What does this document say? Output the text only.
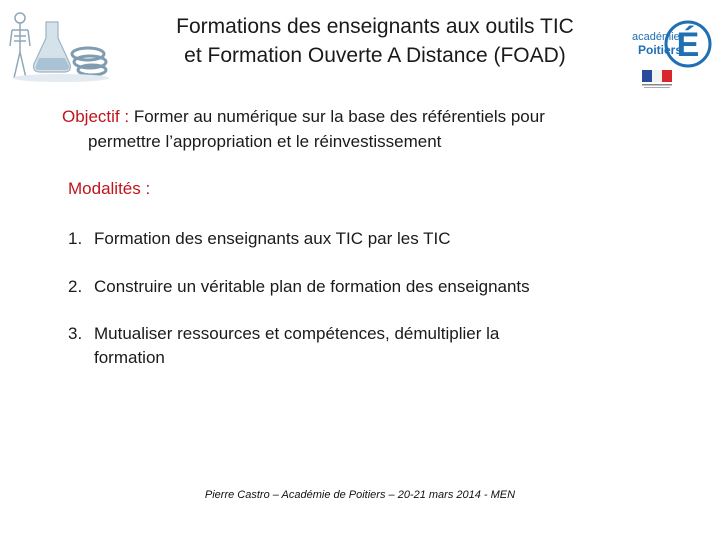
Formations des enseignants aux outils TIC
et Formation Ouverte A Distance (FOAD)	É
académie
Poitiers
Objectif : Former au numérique sur la base des référentiels pour
permettre l’appropriation et le réinvestissement
Modalités :
1. Formation des enseignants aux TIC par les TIC
2. Construire un véritable plan de formation des enseignants
3. Mutualiser ressources et compétences, démultiplier la
formation
Pierre Castro – Académie de Poitiers – 20-21 mars 2014 - MEN
